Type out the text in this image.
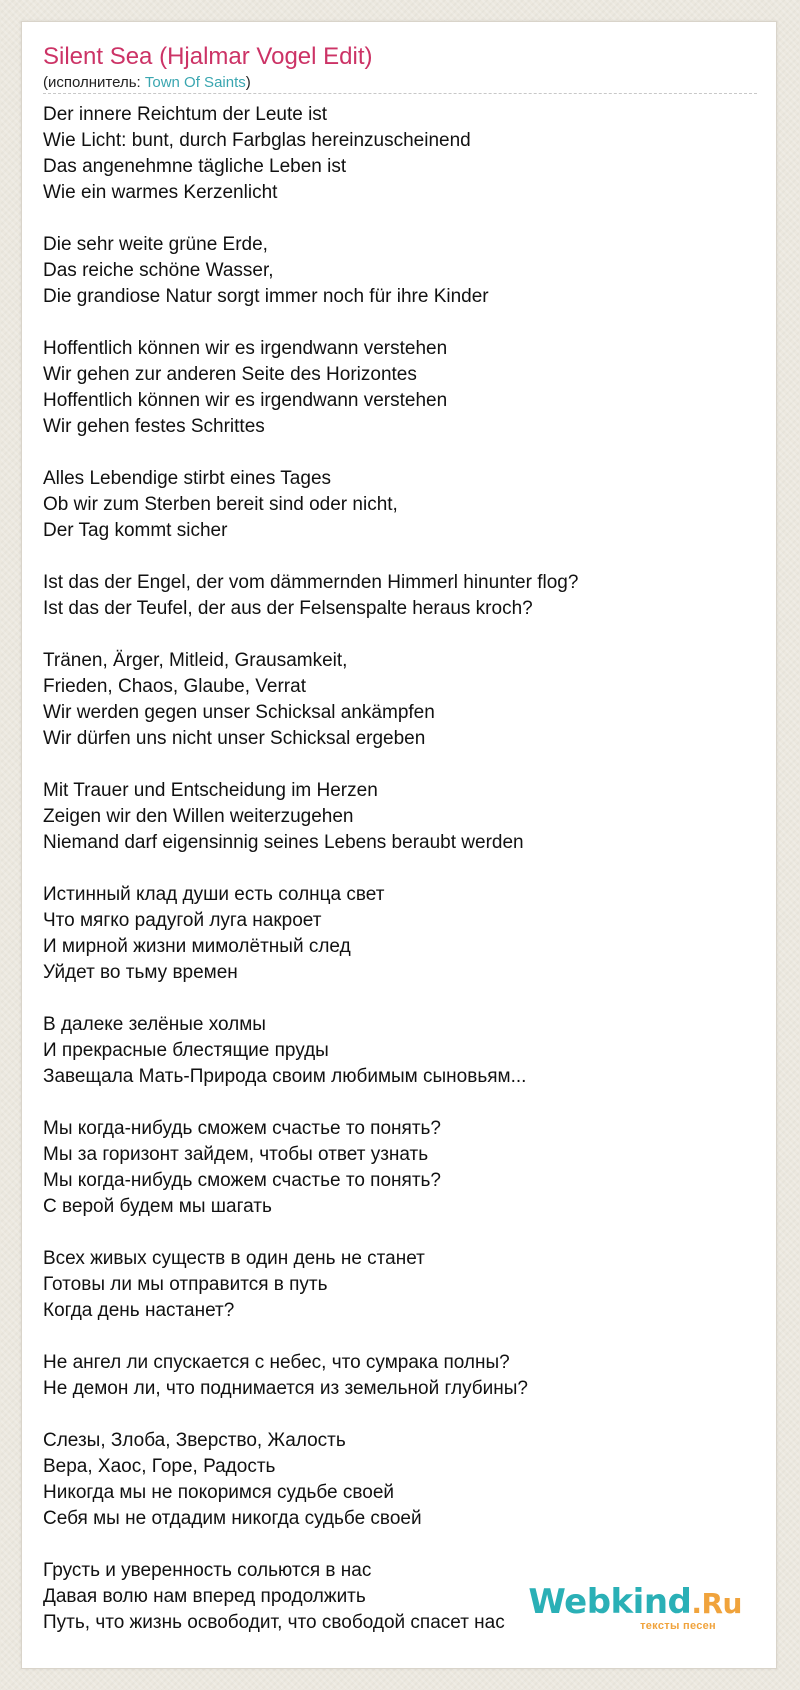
Silent Sea (Hjalmar Vogel Edit)
(исполнитель: Town Of Saints)
Der innere Reichtum der Leute ist
Wie Licht: bunt, durch Farbglas hereinzuscheinend
Das angenehmne tägliche Leben ist
Wie ein warmes Kerzenlicht
Die sehr weite grüne Erde,
Das reiche schöne Wasser,
Die grandiose Natur sorgt immer noch für ihre Kinder
Hoffentlich können wir es irgendwann verstehen
Wir gehen zur anderen Seite des Horizontes
Hoffentlich können wir es irgendwann verstehen
Wir gehen festes Schrittes
Alles Lebendige stirbt eines Tages
Ob wir zum Sterben bereit sind oder nicht,
Der Tag kommt sicher
Ist das der Engel, der vom dämmernden Himmerl hinunter flog?
Ist das der Teufel, der aus der Felsenspalte heraus kroch?
Tränen, Ärger, Mitleid, Grausamkeit,
Frieden, Chaos, Glaube, Verrat
Wir werden gegen unser Schicksal ankämpfen
Wir dürfen uns nicht unser Schicksal ergeben
Mit Trauer und Entscheidung im Herzen
Zeigen wir den Willen weiterzugehen
Niemand darf eigensinnig seines Lebens beraubt werden
Истинный клад души есть солнца свет
Что мягко радугой луга накроет
И мирной жизни мимолётный след
Уйдет во тьму времен
В далеке зелёные холмы
И прекрасные блестящие пруды
Завещала Мать-Природа своим любимым сыновьям...
Мы когда-нибудь сможем счастье то понять?
Мы за горизонт зайдем, чтобы ответ узнать
Мы когда-нибудь сможем счастье то понять?
С верой будем мы шагать
Всех живых существ в один день не станет
Готовы ли мы отправится в путь
Когда день настанет?
Не ангел ли спускается с небес, что сумрака полны?
Не демон ли, что поднимается из земельной глубины?
Слезы, Злоба, Зверство, Жалость
Вера, Хаос, Горе, Радость
Никогда мы не покоримся судьбе своей
Себя мы не отдадим никогда судьбе своей
Грусть и уверенность сольются в нас
Давая волю нам вперед продолжить
Путь, что жизнь освободит, что свободой спасет нас
Webkind.Ru
тексты песен
